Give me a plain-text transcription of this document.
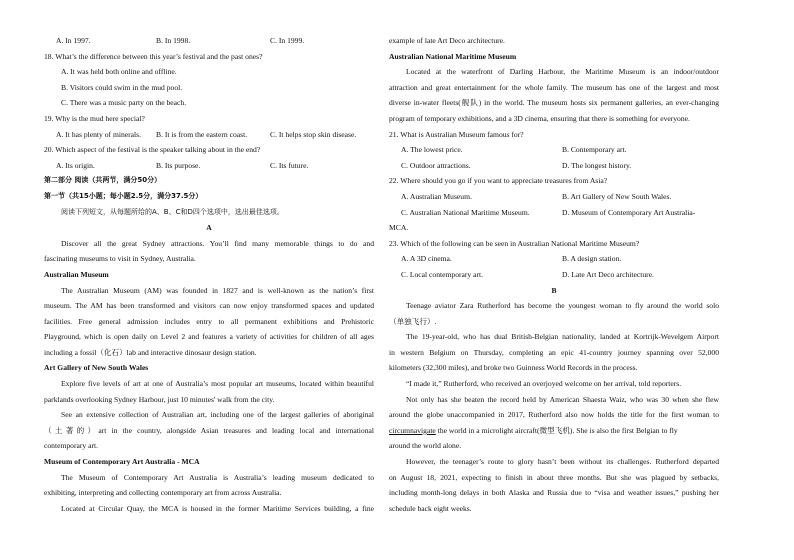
A. In 1997.	B. In 1998.	C. In 1999.
18. What’s the difference between this year’s festival and the past ones?
A. It was held both online and offline.
B. Visitors could swim in the mud pool.
C. There was a music party on the beach.
19. Why is the mud here special?
A. It has plenty of minerals. B. It is from the eastern coast.	C. It helps stop skin disease.
20. Which aspect of the festival is the speaker talking about in the end?
A. Its origin.	B. Its purpose.	C. Its future.
第二部分 阅读（共两节，满分50分）
第一节（共15小题；每小题2.5分，满分37.5分）
阅读下列短文，从每题所给的A、B、C和D四个选项中，选出最佳选项。
A
Discover all the great Sydney attractions. You’ll find many memorable things to do and
fascinating museums to visit in Sydney, Australia.
Australian Museum
The Australian Museum (AM) was founded in 1827 and is well-known as the nation’s first
museum. The AM has been transformed and visitors can now enjoy transformed spaces and updated
facilities. Free general admission includes entry to all permanent exhibitions and Prehistoric
Playground, which is open daily on Level 2 and features a variety of activities for children of all ages
including a fossil（化石）lab and interactive dinosaur design station.
Art Gallery of New South Wales
Explore five levels of art at one of Australia’s most popular art museums, located within beautiful
parklands overlooking Sydney Harbour, just 10 minutes' walk from the city.
See an extensive collection of Australian art, including one of the largest galleries of aboriginal
（土著的）art in the country, alongside Asian treasures and leading local and international
contemporary art.
Museum of Contemporary Art Australia - MCA
The Museum of Contemporary Art Australia is Australia’s leading museum dedicated to
exhibiting, interpreting and collecting contemporary art from across Australia.
Located at Circular Quay, the MCA is housed in the former Maritime Services building, a fine
example of late Art Deco architecture.
Australian National Maritime Museum
Located at the waterfront of Darling Harbour, the Maritime Museum is an indoor/outdoor
attraction and great entertainment for the whole family. The museum has one of the largest and most
diverse in-water fleets(舰队) in the world. The museum hosts six permanent galleries, an ever-changing
program of temporary exhibitions, and a 3D cinema, ensuring that there is something for everyone.
21. What is Australian Museum famous for?
A. The lowest price.	B. Contemporary art.
C. Outdoor attractions.	D. The longest history.
22. Where should you go if you want to appreciate treasures from Asia?
A. Australian Museum.	B. Art Gallery of New South Wales.
C. Australian National Maritime Museum.	D. Museum of Contemporary Art Australia-
MCA.
23. Which of the following can be seen in Australian National Maritime Museum?
A. A 3D cinema.	B. A design station.
C. Local contemporary art.	D. Late Art Deco architecture.
B
Teenage aviator Zara Rutherford has become the youngest woman to fly around the world solo
（单独飞行）.
The 19-year-old, who has dual British-Belgian nationality, landed at Kortrijk-Wevelgem Airport
in western Belgium on Thursday, completing an epic 41-country journey spanning over 52,000
kilometers (32,300 miles), and broke two Guinness World Records in the process.
“I made it,” Rutherford, who received an overjoyed welcome on her arrival, told reporters.
Not only has she beaten the record held by American Shaesta Waiz, who was 30 when she flew
around the globe unaccompanied in 2017, Rutherford also now holds the title for the first woman to
circumnavigate the world in a microlight aircraft(微型飞机). She is also the first Belgian to fly
around the world alone.
However, the teenager’s route to glory hasn’t been without its challenges. Rutherford departed
on August 18, 2021, expecting to finish in about three months. But she was plagued by setbacks,
including month-long delays in both Alaska and Russia due to “visa and weather issues,” pushing her
schedule back eight weeks.
